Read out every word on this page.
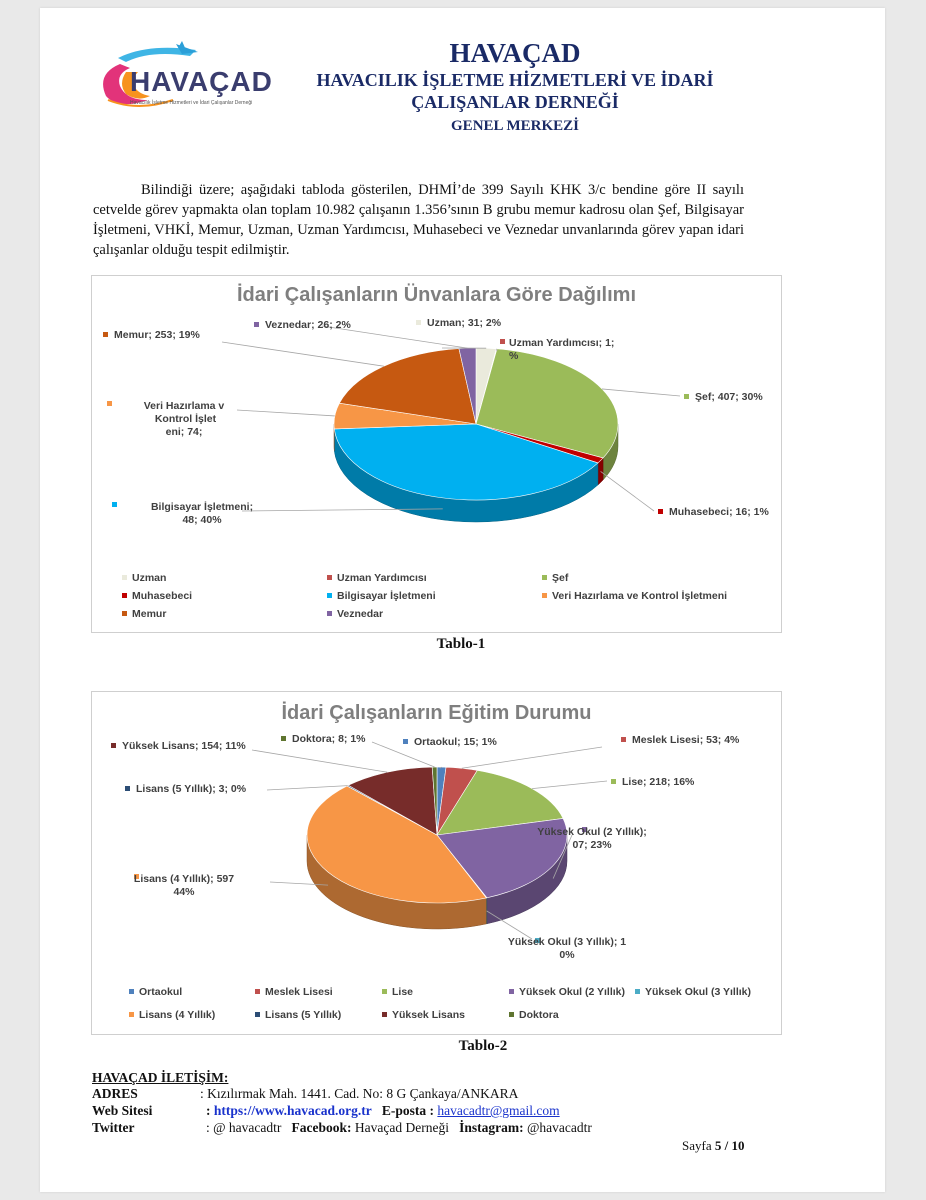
HAVAÇAD
Havacılık İşletme Hizmetleri ve İdari Çalışanlar Derneği
HAVAÇAD
HAVACILIK İŞLETME HİZMETLERİ VE İDARİ
ÇALIŞANLAR DERNEĞİ
GENEL MERKEZİ

Bilindiği üzere; aşağıdaki tabloda gösterilen, DHMİ’de 399 Sayılı KHK 3/c bendine göre II sayılı cetvelde görev yapmakta olan toplam 10.982 çalışanın 1.356’sının B grubu memur kadrosu olan Şef, Bilgisayar İşletmeni, VHKİ, Memur, Uzman, Uzman Yardımcısı, Muhasebeci ve Veznedar unvanlarında görev yapan idari çalışanlar olduğu tespit edilmiştir.

İdari Çalışanların Ünvanlara Göre Dağılımı
Uzman; 31; 2%
Uzman Yardımcısı; 1; %
Şef; 407; 30%
Muhasebeci; 16; 1%
Bilgisayar İşletmeni; 48; 40%
Veri Hazırlama v Kontrol İşlet eni; 74;
Memur; 253; 19%
Veznedar; 26; 2%
Uzman	Uzman Yardımcısı	Şef
Muhasebeci	Bilgisayar İşletmeni	Veri Hazırlama ve Kontrol İşletmeni
Memur	Veznedar
Tablo-1
İdari Çalışanların Eğitim Durumu
Ortaokul; 15; 1%	Meslek Lisesi; 53; 4%
Lise; 218; 16%
Yüksek Okul (2 Yıllık); 07; 23%
Yüksek Okul (3 Yıllık); 1 0%
Lisans (4 Yıllık); 597 44%
Lisans (5 Yıllık); 3; 0%
Yüksek Lisans; 154; 11%
Doktora; 8; 1%
Ortaokul	Meslek Lisesi	Lise	Yüksek Okul (2 Yıllık) Yüksek Okul (3 Yıllık)
Lisans (4 Yıllık)	Lisans (5 Yıllık)	Yüksek Lisans	Doktora
Tablo-2
HAVAÇAD İLETİŞİM:
ADRES	: Kızılırmak Mah. 1441. Cad. No: 8 G Çankaya/ANKARA
Web Sitesi	: https://www.havacad.org.tr E-posta : havacadtr@gmail.com
Twitter	: @ havacadtr Facebook: Havaçad Derneği İnstagram: @havacadtr
Sayfa 5 / 10
